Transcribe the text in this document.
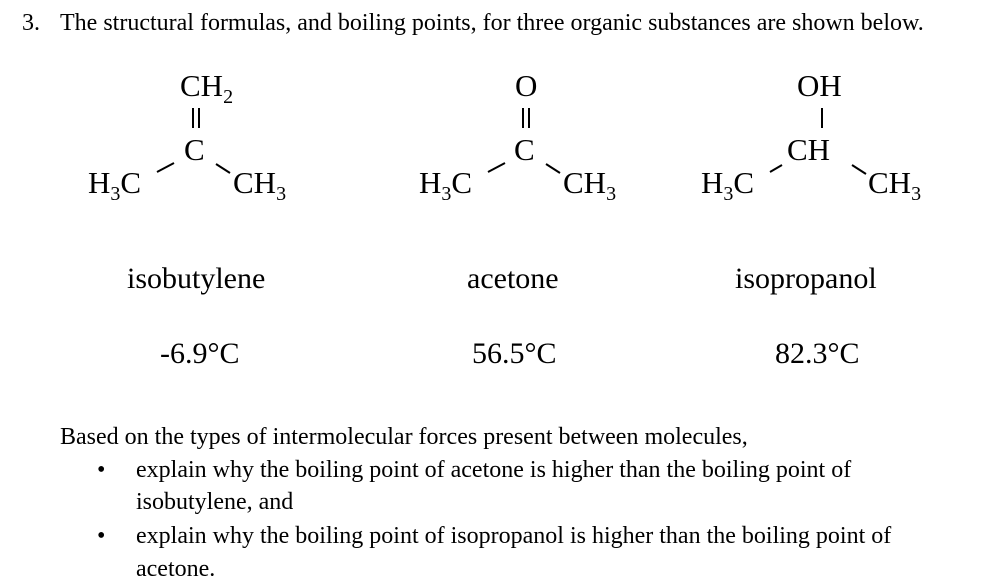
3. The structural formulas, and boiling points, for three organic substances are shown below.
$CH_2$
C
$H_3C$	$CH_3$
isobutylene
-6.9°C
O
C
$H_3C$	$CH_3$
acetone
56.5°C
OH
CH
$H_3C$	$CH_3$
isopropanol
82.3°C
Based on the types of intermolecular forces present between molecules,
• explain why the boiling point of acetone is higher than the boiling point of
isobutylene, and
• explain why the boiling point of isopropanol is higher than the boiling point of
acetone.
